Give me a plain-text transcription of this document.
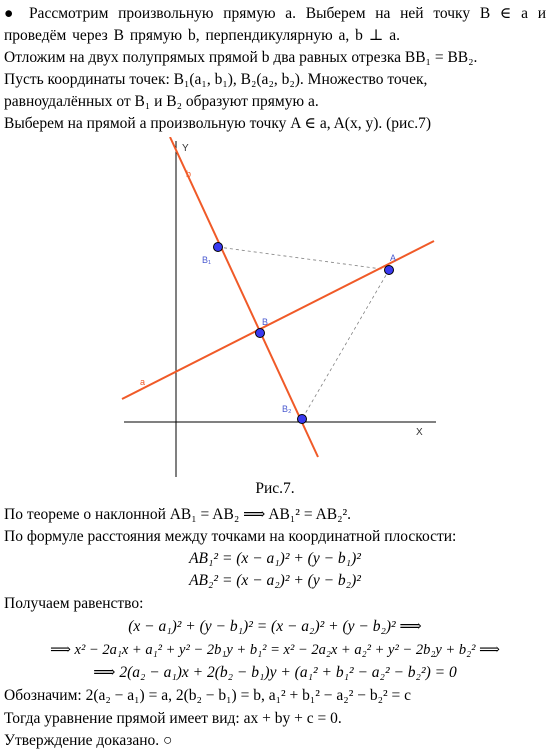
● Рассмотрим произвольную прямую a. Выберем на ней точку B ∈ a и
проведём через B прямую b, перпендикулярную a, b ⊥ a.
Отложим на двух полупрямых прямой b два равных отрезка BB₁ = BB₂.
Пусть координаты точек: B₁(a₁, b₁), B₂(a₂, b₂). Множество точек,
равноудалённых от B₁ и B₂ образуют прямую a.
Выберем на прямой a произвольную точку A ∈ a, A(x, y). (рис.7)
Y
X
b
a
B₁	A
B
B₂
Рис.7.
По теореме о наклонной AB₁ = AB₂ ⟹ AB₁² = AB₂².
По формуле расстояния между точками на координатной плоскости:
AB₁² = (x − a₁)² + (y − b₁)²
AB₂² = (x − a₂)² + (y − b₂)²
Получаем равенство:
(x − a₁)² + (y − b₁)² = (x − a₂)² + (y − b₂)² ⟹
⟹ x² − 2a₁x + a₁² + y² − 2b₁y + b₁² = x² − 2a₂x + a₂² + y² − 2b₂y + b₂² ⟹
⟹ 2(a₂ − a₁)x + 2(b₂ − b₁)y + (a₁² + b₁² − a₂² − b₂²) = 0
Обозначим: 2(a₂ − a₁) = a, 2(b₂ − b₁) = b, a₁² + b₁² − a₂² − b₂² = c
Тогда уравнение прямой имеет вид: ax + by + c = 0.
Утверждение доказано. ○
